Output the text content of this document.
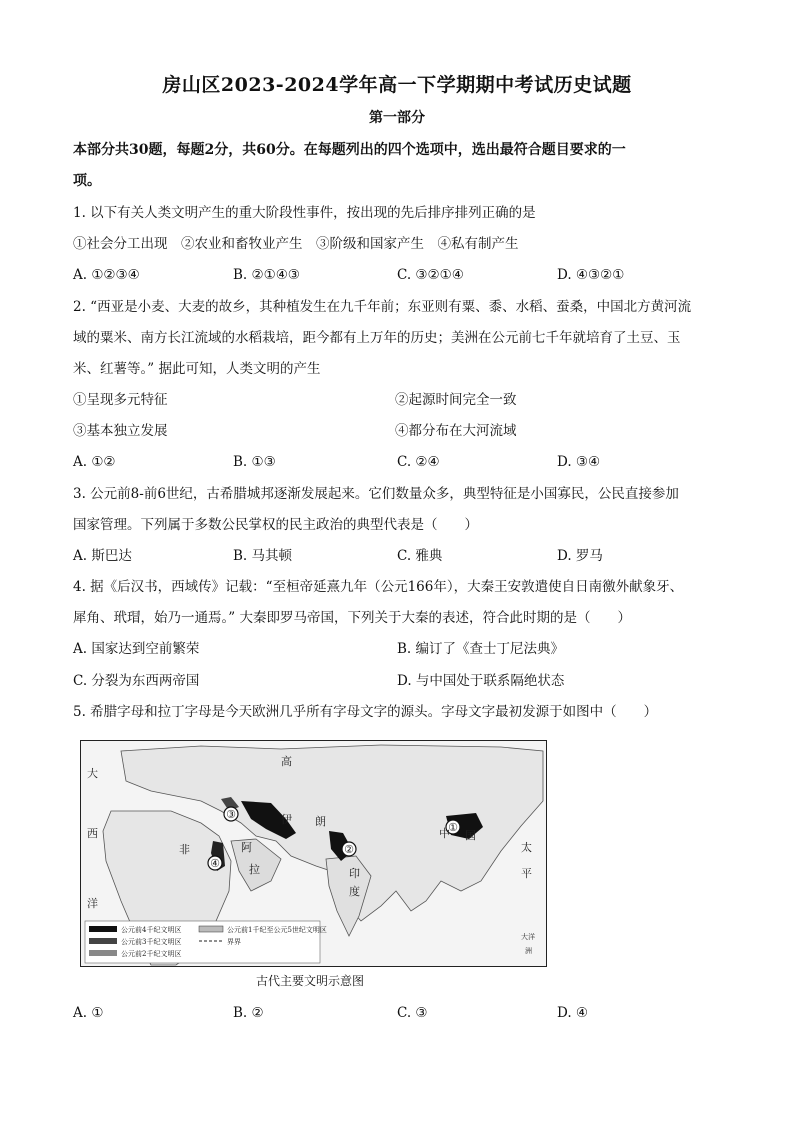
房山区2023-2024学年高一下学期期中考试历史试题
第一部分
本部分共30题，每题2分，共60分。在每题列出的四个选项中，选出最符合题目要求的一
项。
1. 以下有关人类文明产生的重大阶段性事件，按出现的先后排序排列正确的是
①社会分工出现　②农业和畜牧业产生　③阶级和国家产生　④私有制产生
A. ①②③④	B. ②①④③	C. ③②①④	D. ④③②①
2. “西亚是小麦、大麦的故乡，其种植发生在九千年前；东亚则有粟、黍、水稻、蚕桑，中国北方黄河流
域的粟米、南方长江流域的水稻栽培，距今都有上万年的历史；美洲在公元前七千年就培育了土豆、玉
米、红薯等。” 据此可知，人类文明的产生
①呈现多元特征	②起源时间完全一致
③基本独立发展	④都分布在大河流域
A. ①②	B. ①③	C. ②④	D. ③④
3. 公元前8-前6世纪，古希腊城邦逐渐发展起来。它们数量众多，典型特征是小国寡民，公民直接参加
国家管理。下列属于多数公民掌权的民主政治的典型代表是（　　）
A. 斯巴达	B. 马其顿	C. 雅典	D. 罗马
4. 据《后汉书，西域传》记载：“至桓帝延熹九年（公元166年），大秦王安敦遣使自日南徼外献象牙、
犀角、玳瑁，始乃一通焉。” 大秦即罗马帝国，下列关于大秦的表述，符合此时期的是（　　）
A. 国家达到空前繁荣	B. 编订了《查士丁尼法典》
C. 分裂为东西两帝国	D. 与中国处于联系隔绝状态
5. 希腊字母和拉丁字母是今天欧洲几乎所有字母文字的源头。字母文字最初发源于如图中（　　）
③
④
②
①
大
高
伊 朗
非	阿
拉	印
度
中 国
西
洋
太
平
大洋
洲
公元前4千纪文明区
公元前3千纪文明区
公元前2千纪文明区
公元前1千纪至公元5世纪文明区
界界
古代主要文明示意图
A. ①	B. ②	C. ③	D. ④
